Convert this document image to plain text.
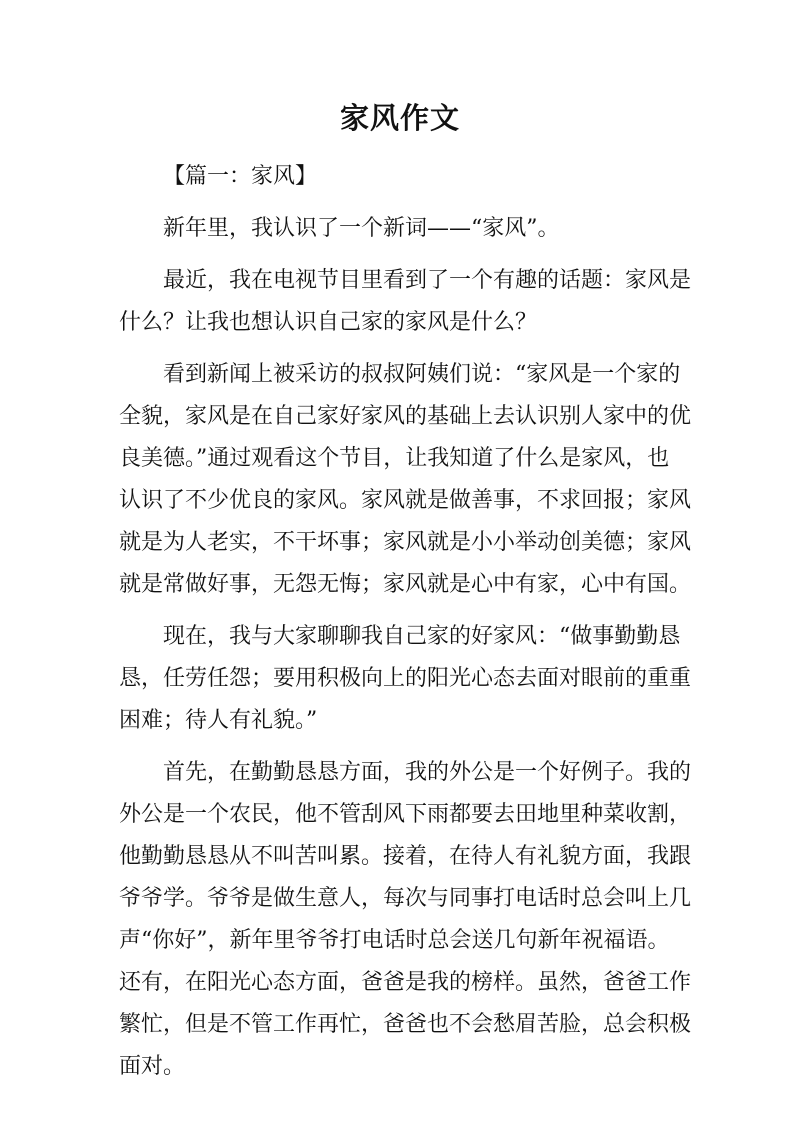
家风作文
【篇一：家风】
新年里，我认识了一个新词——“家风”。
最近，我在电视节目里看到了一个有趣的话题：家风是
什么？让我也想认识自己家的家风是什么？
看到新闻上被采访的叔叔阿姨们说：“家风是一个家的
全貌，家风是在自己家好家风的基础上去认识别人家中的优
良美德。”通过观看这个节目，让我知道了什么是家风，也
认识了不少优良的家风。家风就是做善事，不求回报；家风
就是为人老实，不干坏事；家风就是小小举动创美德；家风
就是常做好事，无怨无悔；家风就是心中有家，心中有国。
现在，我与大家聊聊我自己家的好家风：“做事勤勤恳
恳，任劳任怨；要用积极向上的阳光心态去面对眼前的重重
困难；待人有礼貌。”
首先，在勤勤恳恳方面，我的外公是一个好例子。我的
外公是一个农民，他不管刮风下雨都要去田地里种菜收割，
他勤勤恳恳从不叫苦叫累。接着，在待人有礼貌方面，我跟
爷爷学。爷爷是做生意人，每次与同事打电话时总会叫上几
声“你好”，新年里爷爷打电话时总会送几句新年祝福语。
还有，在阳光心态方面，爸爸是我的榜样。虽然，爸爸工作
繁忙，但是不管工作再忙，爸爸也不会愁眉苦脸，总会积极
面对。
